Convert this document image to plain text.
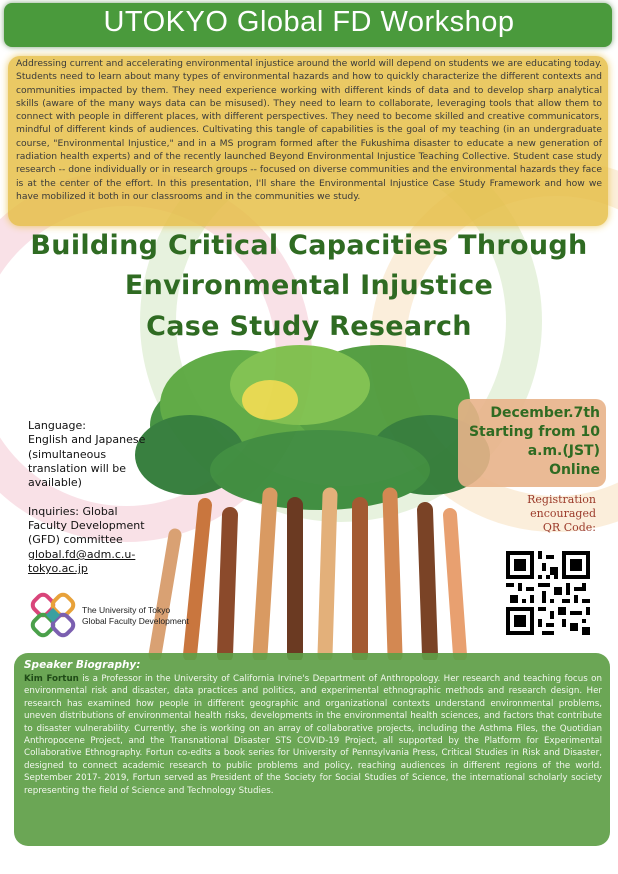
UTOKYO Global FD Workshop
Addressing current and accelerating environmental injustice around the world will depend on students we are educating today. Students need to learn about many types of environmental hazards and how to quickly characterize the different contexts and communities impacted by them. They need experience working with different kinds of data and to develop sharp analytical skills (aware of the many ways data can be misused). They need to learn to collaborate, leveraging tools that allow them to connect with people in different places, with different perspectives. They need to become skilled and creative communicators, mindful of different kinds of audiences. Cultivating this tangle of capabilities is the goal of my teaching (in an undergraduate course, "Environmental Injustice," and in a MS program formed after the Fukushima disaster to educate a new generation of radiation health experts) and of the recently launched Beyond Environmental Injustice Teaching Collective. Student case study research -- done individually or in research groups -- focused on diverse communities and the environmental hazards they face is at the center of the effort. In this presentation, I'll share the Environmental Injustice Case Study Framework and how we have mobilized it both in our classrooms and in the communities we study.
Building Critical Capacities Through
Environmental Injustice
Case Study Research
Language:
English and Japanese
(simultaneous
translation will be
available)
Inquiries: Global
Faculty Development
(GFD) committee
global.fd@adm.c.u-
tokyo.ac.jp
The University of Tokyo
Global Faculty Development
December.7th
Starting from 10
a.m.(JST)
Online
Registration
encouraged
QR Code:
Speaker Biography:
Kim Fortun is a Professor in the University of California Irvine's Department of Anthropology. Her research and teaching focus on environmental risk and disaster, data practices and politics, and experimental ethnographic methods and research design. Her research has examined how people in different geographic and organizational contexts understand environmental problems, uneven distributions of environmental health risks, developments in the environmental health sciences, and factors that contribute to disaster vulnerability. Currently, she is working on an array of collaborative projects, including the Asthma Files, the Quotidian Anthropocene Project, and the Transnational Disaster STS COVID-19 Project, all supported by the Platform for Experimental Collaborative Ethnography. Fortun co-edits a book series for University of Pennsylvania Press, Critical Studies in Risk and Disaster, designed to connect academic research to public problems and policy, reaching audiences in different regions of the world. September 2017- 2019, Fortun served as President of the Society for Social Studies of Science, the international scholarly society representing the field of Science and Technology Studies.
